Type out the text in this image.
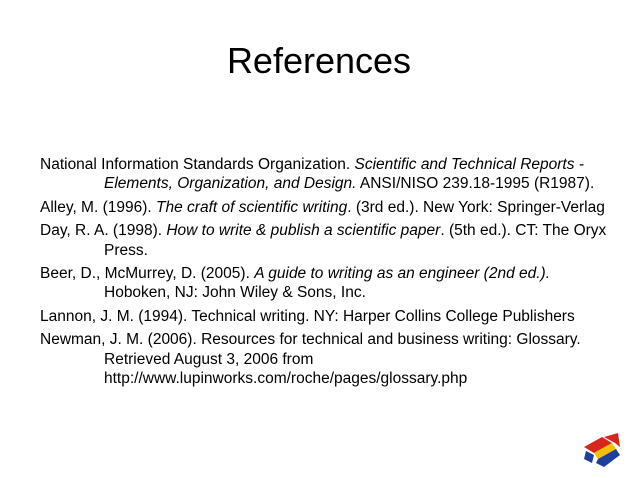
References

National Information Standards Organization. Scientific and Technical Reports - Elements, Organization, and Design. ANSI/NISO 239.18-1995 (R1987).

Alley, M. (1996). The craft of scientific writing. (3rd ed.). New York: Springer-Verlag

Day, R. A. (1998). How to write & publish a scientific paper. (5th ed.). CT: The Oryx Press.

Beer, D., McMurrey, D. (2005). A guide to writing as an engineer (2nd ed.). Hoboken, NJ: John Wiley & Sons, Inc.

Lannon, J. M. (1994). Technical writing. NY: Harper Collins College Publishers

Newman, J. M. (2006). Resources for technical and business writing: Glossary. Retrieved August 3, 2006 from http://www.lupinworks.com/roche/pages/glossary.php
